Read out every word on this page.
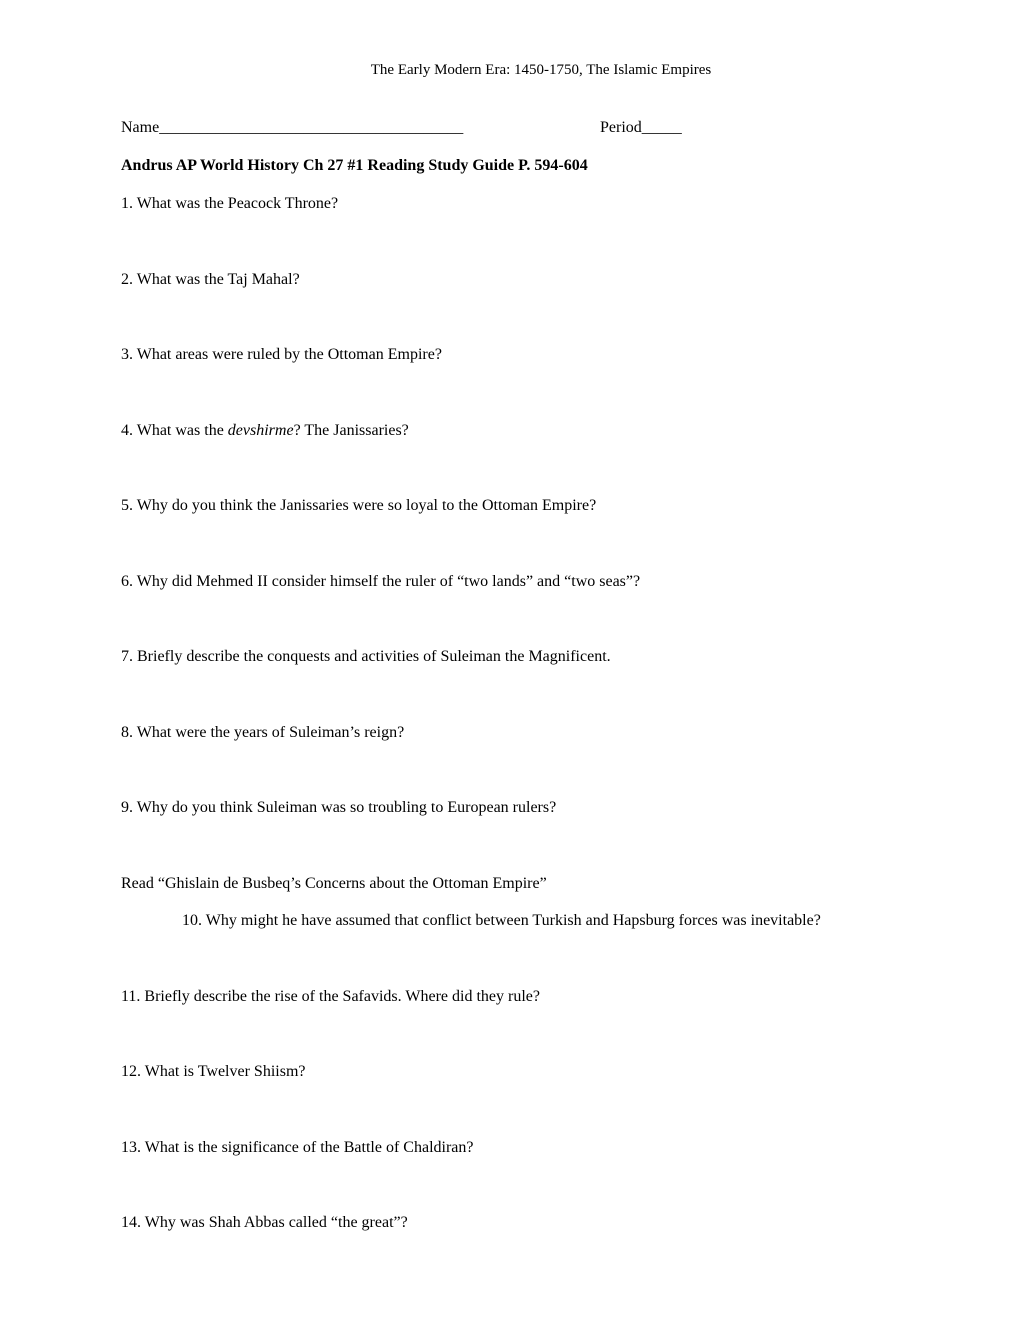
The Early Modern Era: 1450-1750, The Islamic Empires
Name______________________________________	Period_____
Andrus AP World History Ch 27 #1 Reading Study Guide P. 594-604
1. What was the Peacock Throne?
2. What was the Taj Mahal?
3. What areas were ruled by the Ottoman Empire?
4. What was the devshirme? The Janissaries?
5. Why do you think the Janissaries were so loyal to the Ottoman Empire?
6. Why did Mehmed II consider himself the ruler of “two lands” and “two seas”?
7. Briefly describe the conquests and activities of Suleiman the Magnificent.
8. What were the years of Suleiman’s reign?
9. Why do you think Suleiman was so troubling to European rulers?
Read “Ghislain de Busbeq’s Concerns about the Ottoman Empire”
10. Why might he have assumed that conflict between Turkish and Hapsburg forces was inevitable?
11. Briefly describe the rise of the Safavids. Where did they rule?
12. What is Twelver Shiism?
13. What is the significance of the Battle of Chaldiran?
14. Why was Shah Abbas called “the great”?
